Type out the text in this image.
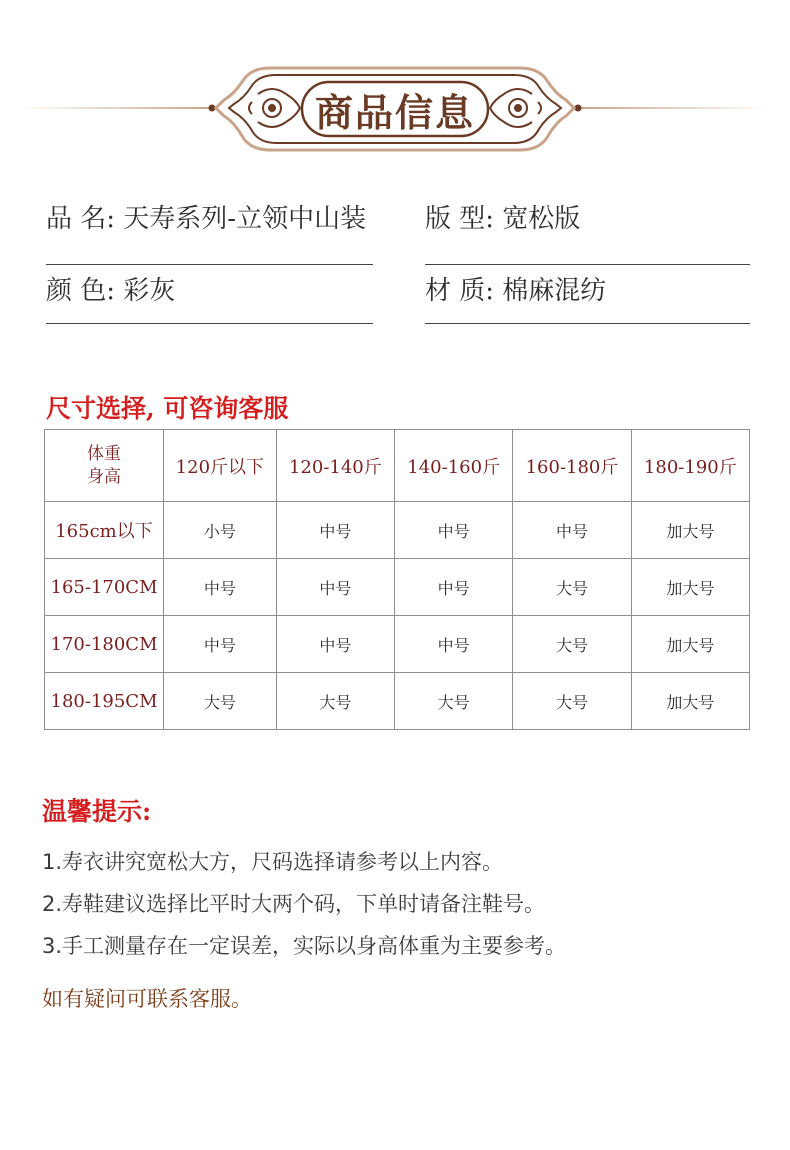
商品信息
品 名: 天寿系列-立领中山装 版 型: 宽松版
颜 色: 彩灰	材 质: 棉麻混纺
尺寸选择, 可咨询客服
体重
身高	120斤以下	120-140斤	140-160斤	160-180斤	180-190斤
165cm以下	小号	中号	中号	中号	加大号
165-170CM	中号	中号	中号	大号	加大号
170-180CM	中号	中号	中号	大号	加大号
180-195CM	大号	大号	大号	大号	加大号
温馨提示:
1.寿衣讲究宽松大方，尺码选择请参考以上内容。
2.寿鞋建议选择比平时大两个码，下单时请备注鞋号。
3.手工测量存在一定误差，实际以身高体重为主要参考。
如有疑问可联系客服。
